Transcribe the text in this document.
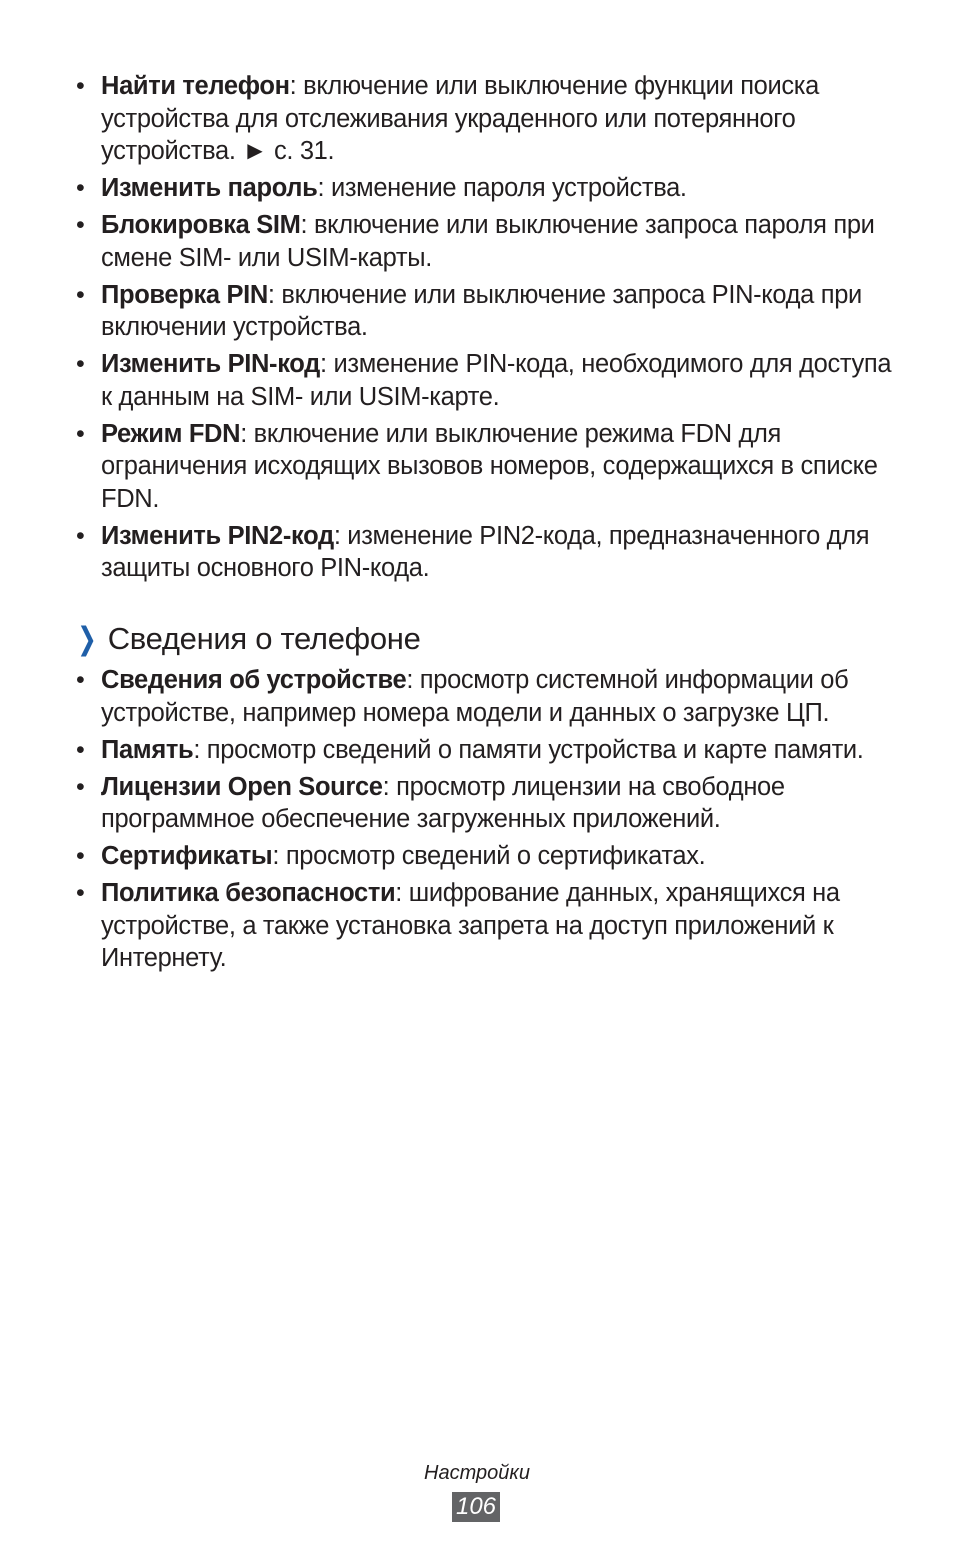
• Найти телефон: включение или выключение функции поиска устройства для отслеживания украденного или потерянного устройства. ► с. 31.
• Изменить пароль: изменение пароля устройства.
• Блокировка SIM: включение или выключение запроса пароля при смене SIM- или USIM-карты.
• Проверка PIN: включение или выключение запроса PIN-кода при включении устройства.
• Изменить PIN-код: изменение PIN-кода, необходимого для доступа к данным на SIM- или USIM-карте.
• Режим FDN: включение или выключение режима FDN для ограничения исходящих вызовов номеров, содержащихся в списке FDN.
• Изменить PIN2-код: изменение PIN2-кода, предназначенного для защиты основного PIN-кода.
❯ Сведения о телефоне
• Сведения об устройстве: просмотр системной информации об устройстве, например номера модели и данных о загрузке ЦП.
• Память: просмотр сведений о памяти устройства и карте памяти.
• Лицензии Open Source: просмотр лицензии на свободное программное обеспечение загруженных приложений.
• Сертификаты: просмотр сведений о сертификатах.
• Политика безопасности: шифрование данных, хранящихся на устройстве, а также установка запрета на доступ приложений к Интернету.
Настройки
106
